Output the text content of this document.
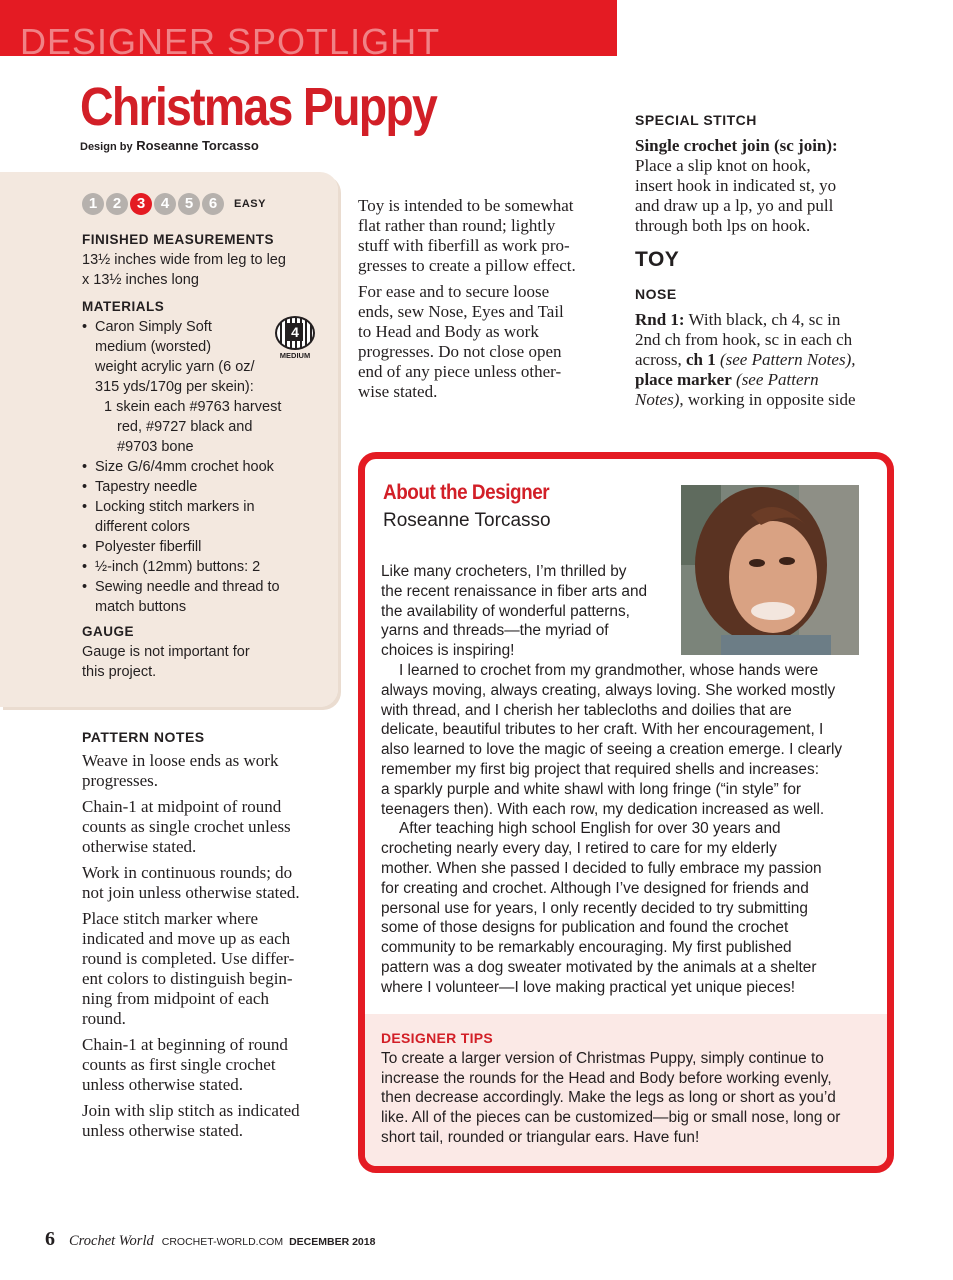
DESIGNER SPOTLIGHT
Christmas Puppy
Design by Roseanne Torcasso
1	2	3	4	5	6	EASY
FINISHED MEASUREMENTS
13½ inches wide from leg to leg
x 13½ inches long
MATERIALS
• Caron Simply Soft
medium (worsted)
weight acrylic yarn (6 oz/
315 yds/170g per skein):
1 skein each #9763 harvest
red, #9727 black and
#9703 bone
• Size G/6/4mm crochet hook
• Tapestry needle
• Locking stitch markers in
different colors
• Polyester fiberfill
• ½-inch (12mm) buttons: 2
• Sewing needle and thread to
match buttons
4
MEDIUM
GAUGE
Gauge is not important for
this project.
PATTERN NOTES

Weave in loose ends as work
progresses.

Chain-1 at midpoint of round
counts as single crochet unless
otherwise stated.

Work in continuous rounds; do
not join unless otherwise stated.

Place stitch marker where
indicated and move up as each
round is completed. Use differ-
ent colors to distinguish begin-
ning from midpoint of each
round.

Chain-1 at beginning of round
counts as first single crochet
unless otherwise stated.

Join with slip stitch as indicated
unless otherwise stated.

Toy is intended to be somewhat
flat rather than round; lightly
stuff with fiberfill as work pro-
gresses to create a pillow effect.

For ease and to secure loose
ends, sew Nose, Eyes and Tail
to Head and Body as work
progresses. Do not close open
end of any piece unless other-
wise stated.

SPECIAL STITCH
Single crochet join (sc join):
Place a slip knot on hook,
insert hook in indicated st, yo
and draw up a lp, yo and pull
through both lps on hook.
TOY
NOSE
Rnd 1: With black, ch 4, sc in
2nd ch from hook, sc in each ch
across, ch 1 (see Pattern Notes),
place marker (see Pattern
Notes), working in opposite side
About the Designer
Roseanne Torcasso
Like many crocheters, I’m thrilled by
the recent renaissance in fiber arts and
the availability of wonderful patterns,
yarns and threads—the myriad of
choices is inspiring!
I learned to crochet from my grandmother, whose hands were
always moving, always creating, always loving. She worked mostly
with thread, and I cherish her tablecloths and doilies that are
delicate, beautiful tributes to her craft. With her encouragement, I
also learned to love the magic of seeing a creation emerge. I clearly
remember my first big project that required shells and increases:
a sparkly purple and white shawl with long fringe (“in style” for
teenagers then). With each row, my dedication increased as well.
After teaching high school English for over 30 years and
crocheting nearly every day, I retired to care for my elderly
mother. When she passed I decided to fully embrace my passion
for creating and crochet. Although I’ve designed for friends and
personal use for years, I only recently decided to try submitting
some of those designs for publication and found the crochet
community to be remarkably encouraging. My first published
pattern was a dog sweater motivated by the animals at a shelter
where I volunteer—I love making practical yet unique pieces!
DESIGNER TIPS
To create a larger version of Christmas Puppy, simply continue to
increase the rounds for the Head and Body before working evenly,
then decrease accordingly. Make the legs as long or short as you’d
like. All of the pieces can be customized—big or small nose, long or
short tail, rounded or triangular ears. Have fun!
6 Crochet World CROCHET-WORLD.COM DECEMBER 2018
